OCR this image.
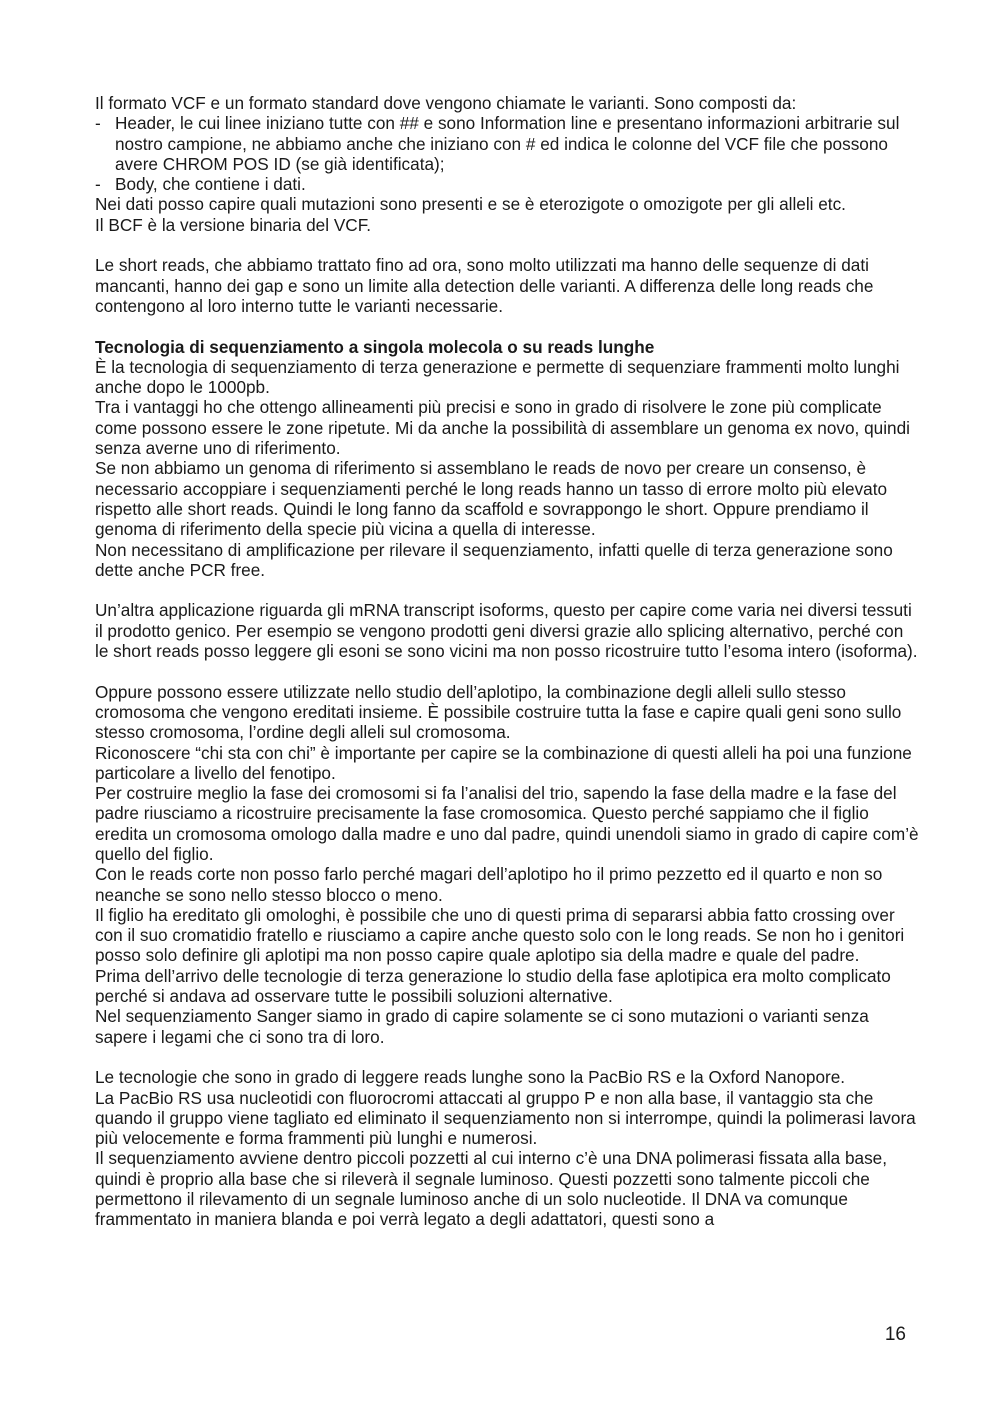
Il formato VCF e un formato standard dove vengono chiamate le varianti. Sono composti da:

- Header, le cui linee iniziano tutte con ## e sono Information line e presentano informazioni arbitrarie sul nostro campione, ne abbiamo anche che iniziano con # ed indica le colonne del VCF file che possono avere CHROM POS ID (se già identificata);
- Body, che contiene i dati.

Nei dati posso capire quali mutazioni sono presenti e se è eterozigote o omozigote per gli alleli etc.

Il BCF è la versione binaria del VCF.

Le short reads, che abbiamo trattato fino ad ora, sono molto utilizzati ma hanno delle sequenze di dati mancanti, hanno dei gap e sono un limite alla detection delle varianti. A differenza delle long reads che contengono al loro interno tutte le varianti necessarie.

Tecnologia di sequenziamento a singola molecola o su reads lunghe

È la tecnologia di sequenziamento di terza generazione e permette di sequenziare frammenti molto lunghi anche dopo le 1000pb.

Tra i vantaggi ho che ottengo allineamenti più precisi e sono in grado di risolvere le zone più complicate come possono essere le zone ripetute. Mi da anche la possibilità di assemblare un genoma ex novo, quindi senza averne uno di riferimento.

Se non abbiamo un genoma di riferimento si assemblano le reads de novo per creare un consenso, è necessario accoppiare i sequenziamenti perché le long reads hanno un tasso di errore molto più elevato rispetto alle short reads. Quindi le long fanno da scaffold e sovrappongo le short. Oppure prendiamo il genoma di riferimento della specie più vicina a quella di interesse.

Non necessitano di amplificazione per rilevare il sequenziamento, infatti quelle di terza generazione sono dette anche PCR free.

Un’altra applicazione riguarda gli mRNA transcript isoforms, questo per capire come varia nei diversi tessuti il prodotto genico. Per esempio se vengono prodotti geni diversi grazie allo splicing alternativo, perché con le short reads posso leggere gli esoni se sono vicini ma non posso ricostruire tutto l’esoma intero (isoforma).

Oppure possono essere utilizzate nello studio dell’aplotipo, la combinazione degli alleli sullo stesso cromosoma che vengono ereditati insieme. È possibile costruire tutta la fase e capire quali geni sono sullo stesso cromosoma, l’ordine degli alleli sul cromosoma.

Riconoscere “chi sta con chi” è importante per capire se la combinazione di questi alleli ha poi una funzione particolare a livello del fenotipo.

Per costruire meglio la fase dei cromosomi si fa l’analisi del trio, sapendo la fase della madre e la fase del padre riusciamo a ricostruire precisamente la fase cromosomica. Questo perché sappiamo che il figlio eredita un cromosoma omologo dalla madre e uno dal padre, quindi unendoli siamo in grado di capire com’è quello del figlio.

Con le reads corte non posso farlo perché magari dell’aplotipo ho il primo pezzetto ed il quarto e non so neanche se sono nello stesso blocco o meno.

Il figlio ha ereditato gli omologhi, è possibile che uno di questi prima di separarsi abbia fatto crossing over con il suo cromatidio fratello e riusciamo a capire anche questo solo con le long reads. Se non ho i genitori posso solo definire gli aplotipi ma non posso capire quale aplotipo sia della madre e quale del padre.

Prima dell’arrivo delle tecnologie di terza generazione lo studio della fase aplotipica era molto complicato perché si andava ad osservare tutte le possibili soluzioni alternative.

Nel sequenziamento Sanger siamo in grado di capire solamente se ci sono mutazioni o varianti senza sapere i legami che ci sono tra di loro.

Le tecnologie che sono in grado di leggere reads lunghe sono la PacBio RS e la Oxford Nanopore.

La PacBio RS usa nucleotidi con fluorocromi attaccati al gruppo P e non alla base, il vantaggio sta che quando il gruppo viene tagliato ed eliminato il sequenziamento non si interrompe, quindi la polimerasi lavora più velocemente e forma frammenti più lunghi e numerosi.

Il sequenziamento avviene dentro piccoli pozzetti al cui interno c’è una DNA polimerasi fissata alla base, quindi è proprio alla base che si rileverà il segnale luminoso. Questi pozzetti sono talmente piccoli che permettono il rilevamento di un segnale luminoso anche di un solo nucleotide. Il DNA va comunque frammentato in maniera blanda e poi verrà legato a degli adattatori, questi sono a

16
